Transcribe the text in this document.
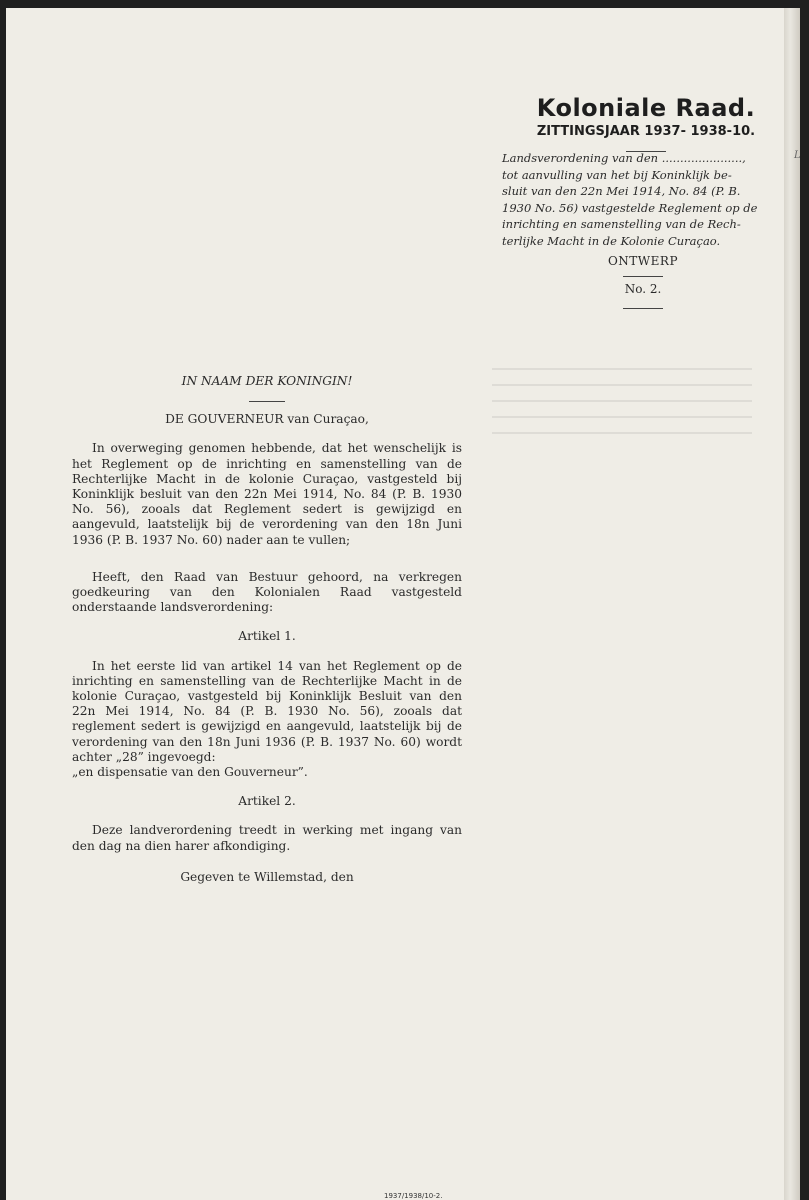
Koloniale Raad.
ZITTINGSJAAR 1937- 1938-10.
Landsverordening van den ......................,
tot aanvulling van het bij Koninklijk be-
sluit van den 22n Mei 1914, No. 84 (P. B.
1930 No. 56) vastgestelde Reglement op de
inrichting en samenstelling van de Rech-
terlijke Macht in de Kolonie Curaçao.
ONTWERP
No. 2.
L
IN NAAM DER KONINGIN!
DE GOUVERNEUR van Curaçao,

In overweging genomen hebbende, dat het wenschelijk is het Reglement op de inrichting en samenstelling van de Rechterlijke Macht in de kolonie Curaçao, vastgesteld bij Koninklijk besluit van den 22n Mei 1914, No. 84 (P. B. 1930 No. 56), zooals dat Reglement sedert is gewijzigd en aangevuld, laatstelijk bij de verordening van den 18n Juni 1936 (P. B. 1937 No. 60) nader aan te vullen;

Heeft, den Raad van Bestuur gehoord, na verkregen goedkeuring van den Kolonialen Raad vastgesteld onderstaande landsverordening:

Artikel 1.

In het eerste lid van artikel 14 van het Reglement op de inrichting en samenstelling van de Rechterlijke Macht in de kolonie Curaçao, vastgesteld bij Koninklijk Besluit van den 22n Mei 1914, No. 84 (P. B. 1930 No. 56), zooals dat reglement sedert is gewijzigd en aangevuld, laatstelijk bij de verordening van den 18n Juni 1936 (P. B. 1937 No. 60) wordt achter „28” ingevoegd:

„en dispensatie van den Gouverneur”.
Artikel 2.

Deze landverordening treedt in werking met ingang van den dag na dien harer afkondiging.

Gegeven te Willemstad, den
1937/1938/10-2.
